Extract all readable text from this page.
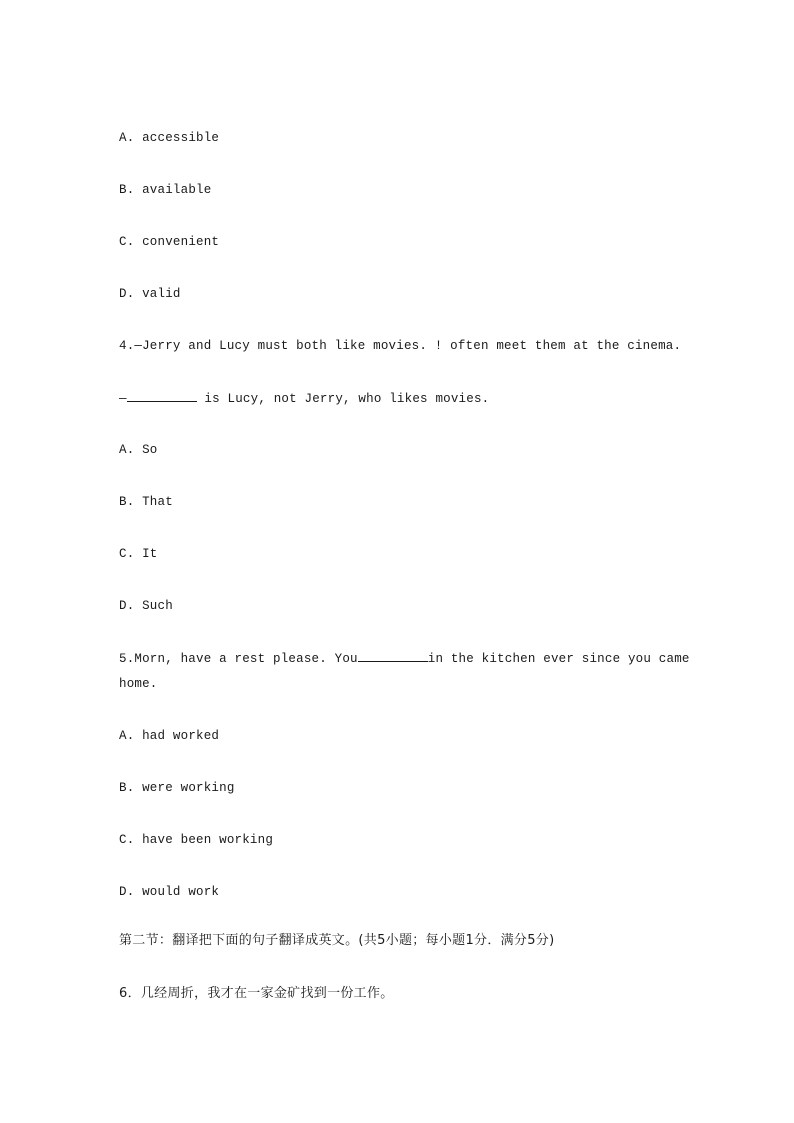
A. accessible
B. available
C. convenient
D. valid
4.—Jerry and Lucy must both like movies. ! often meet them at the cinema.
—	is Lucy, not Jerry, who likes movies.
A. So
B. That
C. It
D. Such
5.Morn, have a rest please. You	in the kitchen ever since you came
home.
A. had worked
B. were working
C. have been working
D. would work
第二节：翻译把下面的句子翻译成英文。(共5小题；每小题1分．满分5分)
6．几经周折，我才在一家金矿找到一份工作。
